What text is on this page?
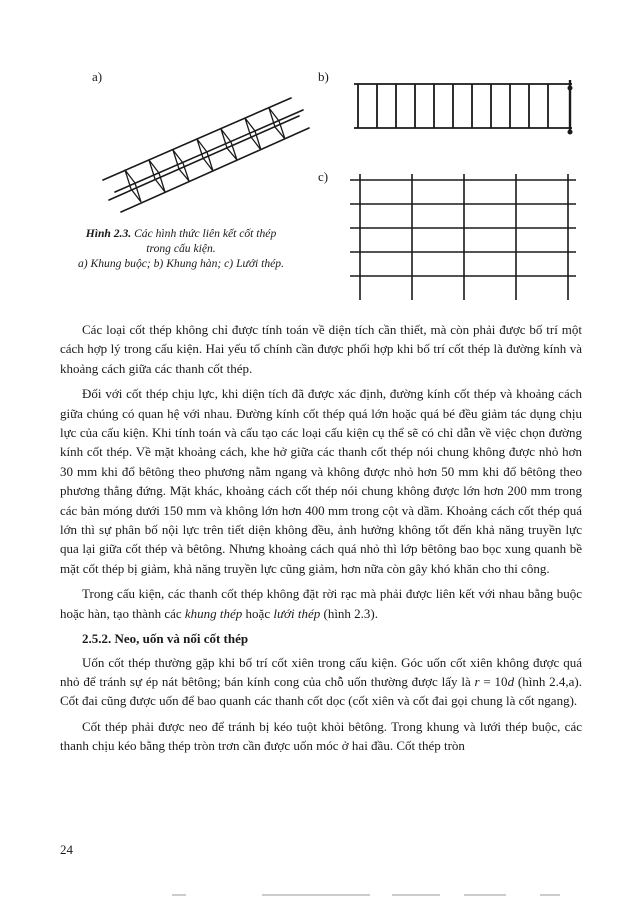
a)	b)
c)
Hình 2.3. Các hình thức liên kết cốt thép
trong cấu kiện.
a) Khung buộc; b) Khung hàn; c) Lưới thép.

Các loại cốt thép không chỉ được tính toán về diện tích cần thiết, mà còn phải được bố trí một cách hợp lý trong cấu kiện. Hai yếu tố chính cần được phối hợp khi bố trí cốt thép là đường kính và khoảng cách giữa các thanh cốt thép.

Đối với cốt thép chịu lực, khi diện tích đã được xác định, đường kính cốt thép và khoảng cách giữa chúng có quan hệ với nhau. Đường kính cốt thép quá lớn hoặc quá bé đều giảm tác dụng chịu lực của cấu kiện. Khi tính toán và cấu tạo các loại cấu kiện cụ thể sẽ có chỉ dẫn về việc chọn đường kính cốt thép. Về mặt khoảng cách, khe hở giữa các thanh cốt thép nói chung không được nhỏ hơn 30 mm khi đổ bêtông theo phương nằm ngang và không được nhỏ hơn 50 mm khi đổ bêtông theo phương thẳng đứng. Mặt khác, khoảng cách cốt thép nói chung không được lớn hơn 200 mm trong các bản móng dưới 150 mm và không lớn hơn 400 mm trong cột và dầm. Khoảng cách cốt thép quá lớn thì sự phân bố nội lực trên tiết diện không đều, ảnh hưởng không tốt đến khả năng truyền lực qua lại giữa cốt thép và bêtông. Nhưng khoảng cách quá nhỏ thì lớp bêtông bao bọc xung quanh bề mặt cốt thép bị giảm, khả năng truyền lực cũng giảm, hơn nữa còn gây khó khăn cho thi công.

Trong cấu kiện, các thanh cốt thép không đặt rời rạc mà phải được liên kết với nhau bằng buộc hoặc hàn, tạo thành các khung thép hoặc lưới thép (hình 2.3).

2.5.2. Neo, uốn và nối cốt thép

Uốn cốt thép thường gặp khi bố trí cốt xiên trong cấu kiện. Góc uốn cốt xiên không được quá nhỏ để tránh sự ép nát bêtông; bán kính cong của chỗ uốn thường được lấy là r = 10d (hình 2.4,a). Cốt đai cũng được uốn để bao quanh các thanh cốt dọc (cốt xiên và cốt đai gọi chung là cốt ngang).

Cốt thép phải được neo để tránh bị kéo tuột khỏi bêtông. Trong khung và lưới thép buộc, các thanh chịu kéo bằng thép tròn trơn cần được uốn móc ở hai đầu. Cốt thép tròn

24
